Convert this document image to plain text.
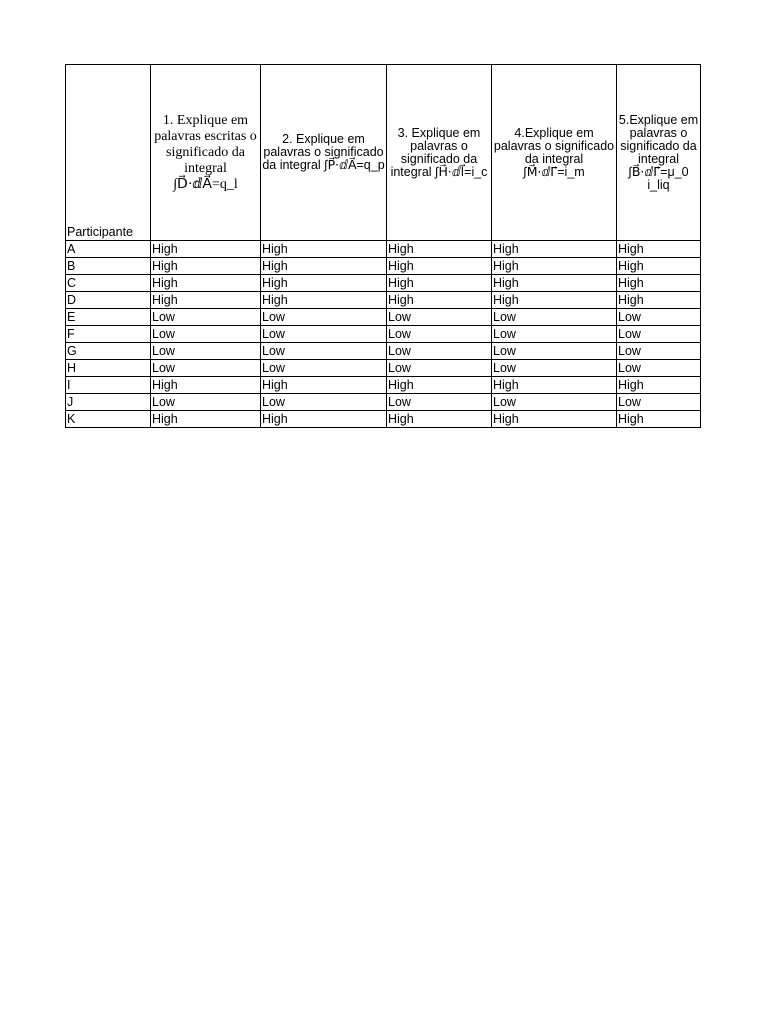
Participante	1. Explique em palavras escritas o significado da integral ∫D⃗⋅ⅆA⃗=q_l	2. Explique em palavras o significado da integral ∫P⃗⋅ⅆA⃗=q_p	3. Explique em palavras o significado da integral ∫H⃗⋅ⅆl⃗=i_c	4.Explique em palavras o significado da integral ∫M⃗⋅ⅆΓ⃗=i_m	5.Explique em palavras o significado da integral ∫B⃗⋅ⅆΓ⃗=μ_0 i_liq
A	High	High	High	High	High
B	High	High	High	High	High
C	High	High	High	High	High
D	High	High	High	High	High
E	Low	Low	Low	Low	Low
F	Low	Low	Low	Low	Low
G	Low	Low	Low	Low	Low
H	Low	Low	Low	Low	Low
I	High	High	High	High	High
J	Low	Low	Low	Low	Low
K	High	High	High	High	High
